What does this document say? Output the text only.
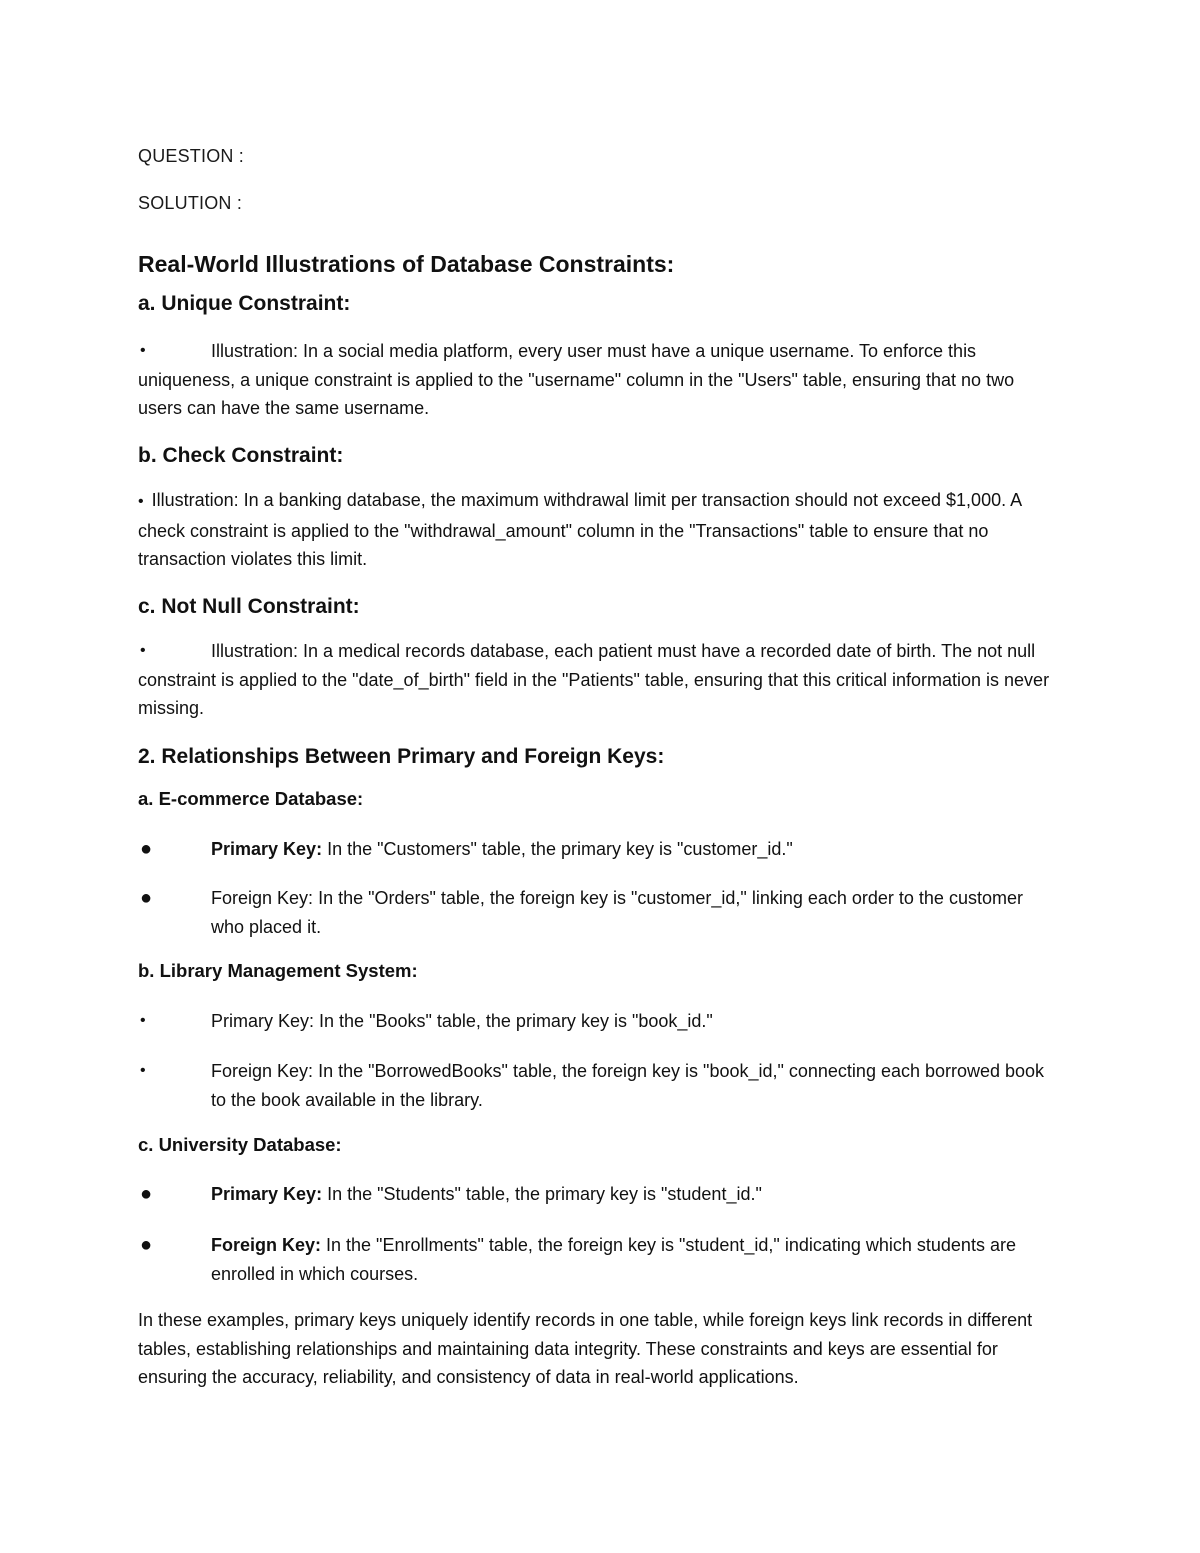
QUESTION :

SOLUTION :

Real-World Illustrations of Database Constraints:
a. Unique Constraint:
•	Illustration: In a social media platform, every user must have a unique username. To enforce this uniqueness, a unique constraint is applied to the "username" column in the "Users" table, ensuring that no two users can have the same username.
b. Check Constraint:
• Illustration: In a banking database, the maximum withdrawal limit per transaction should not exceed $1,000. A check constraint is applied to the "withdrawal_amount" column in the "Transactions" table to ensure that no transaction violates this limit.
c. Not Null Constraint:
•	Illustration: In a medical records database, each patient must have a recorded date of birth. The not null constraint is applied to the "date_of_birth" field in the "Patients" table, ensuring that this critical information is never missing.
2. Relationships Between Primary and Foreign Keys:
a. E-commerce Database:
●	Primary Key: In the "Customers" table, the primary key is "customer_id."
●	Foreign Key: In the "Orders" table, the foreign key is "customer_id," linking each order to the customer who placed it.
b. Library Management System:
•	Primary Key: In the "Books" table, the primary key is "book_id."
•	Foreign Key: In the "BorrowedBooks" table, the foreign key is "book_id," connecting each borrowed book to the book available in the library.
c. University Database:
●	Primary Key: In the "Students" table, the primary key is "student_id."
●	Foreign Key: In the "Enrollments" table, the foreign key is "student_id," indicating which students are enrolled in which courses.

In these examples, primary keys uniquely identify records in one table, while foreign keys link records in different tables, establishing relationships and maintaining data integrity. These constraints and keys are essential for ensuring the accuracy, reliability, and consistency of data in real-world applications.
